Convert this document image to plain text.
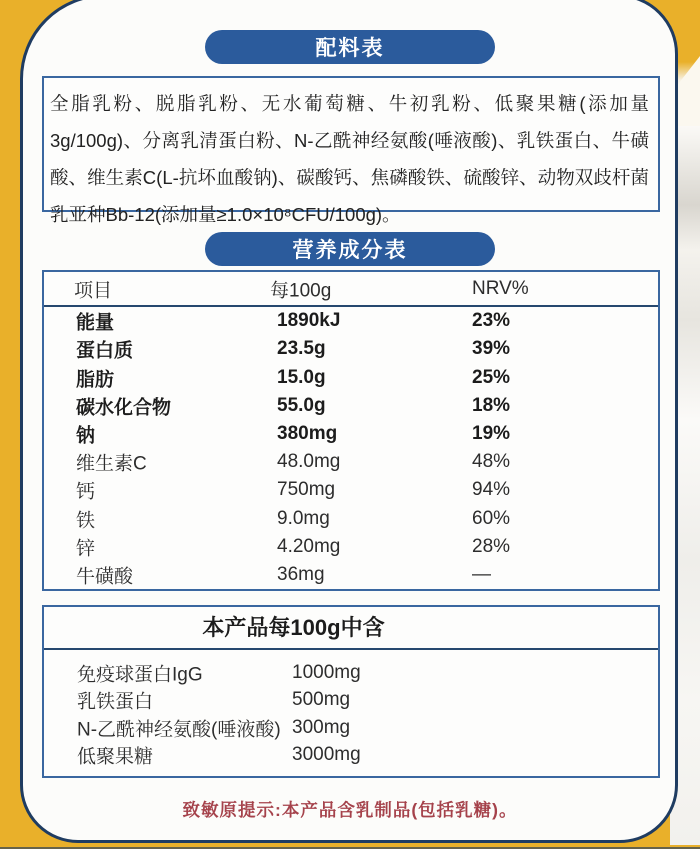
配料表

全脂乳粉、脱脂乳粉、无水葡萄糖、牛初乳粉、低聚果糖(添加量3g/100g)、分离乳清蛋白粉、N-乙酰神经氨酸(唾液酸)、乳铁蛋白、牛磺酸、维生素C(L-抗坏血酸钠)、碳酸钙、焦磷酸铁、硫酸锌、动物双歧杆菌乳亚种Bb-12(添加量≥1.0×10⁸CFU/100g)。

营养成分表
项目	每100g	NRV%
能量	1890kJ	23%
蛋白质	23.5g	39%
脂肪	15.0g	25%
碳水化合物	55.0g	18%
钠	380mg	19%
维生素C	48.0mg	48%
钙	750mg	94%
铁	9.0mg	60%
锌	4.20mg	28%
牛磺酸	36mg	—
本产品每100g中含
免疫球蛋白IgG	1000mg
乳铁蛋白	500mg
N-乙酰神经氨酸(唾液酸) 300mg
低聚果糖	3000mg
致敏原提示:本产品含乳制品(包括乳糖)。
